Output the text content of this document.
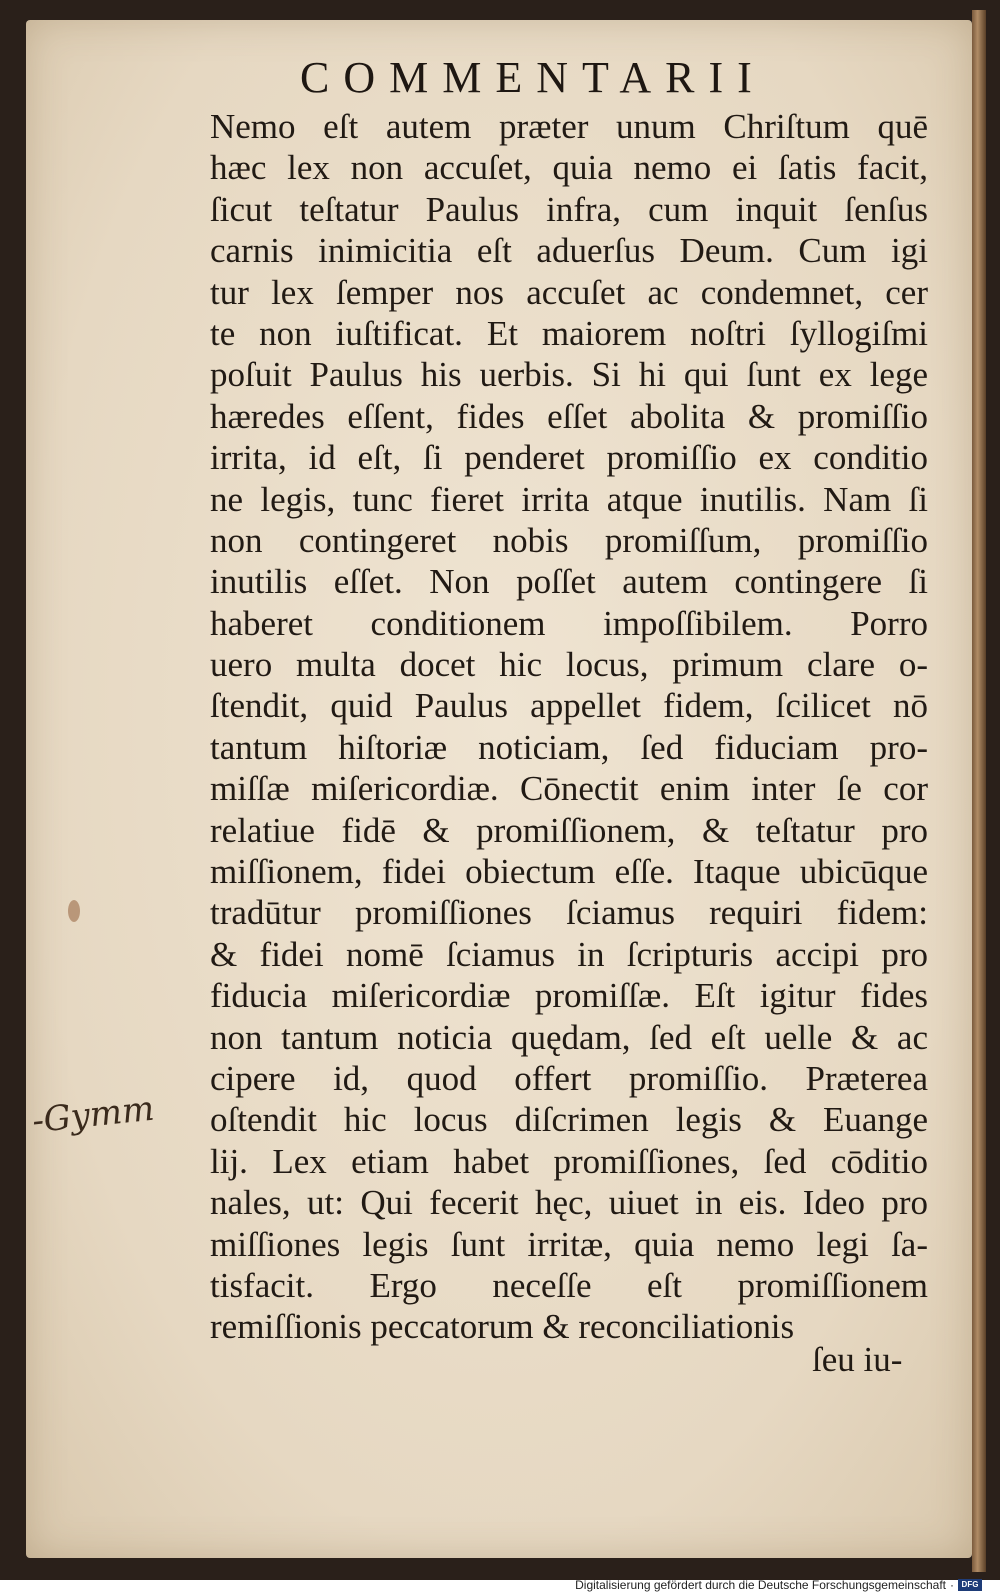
COMMENTARII
Nemo eſt autem præter unum Chriſtum quē
hæc lex non accuſet, quia nemo ei ſatis facit,
ſicut teſtatur Paulus infra, cum inquit ſenſus
carnis inimicitia eſt aduerſus Deum. Cum igi
tur lex ſemper nos accuſet ac condemnet, cer
te non iuſtificat. Et maiorem noſtri ſyllogiſmi
poſuit Paulus his uerbis. Si hi qui ſunt ex lege
hæredes eſſent, fides eſſet abolita & promiſſio
irrita, id eſt, ſi penderet promiſſio ex conditio
ne legis, tunc fieret irrita atque inutilis. Nam ſi
non contingeret nobis promiſſum, promiſſio
inutilis eſſet. Non poſſet autem contingere ſi
haberet conditionem impoſſibilem. Porro
uero multa docet hic locus, primum clare o-
ſtendit, quid Paulus appellet fidem, ſcilicet nō
tantum hiſtoriæ noticiam, ſed fiduciam pro-
miſſæ miſericordiæ. Cōnectit enim inter ſe cor
relatiue fidē & promiſſionem, & teſtatur pro
miſſionem, fidei obiectum eſſe. Itaque ubicūque
tradūtur promiſſiones ſciamus requiri fidem:
& fidei nomē ſciamus in ſcripturis accipi pro
fiducia miſericordiæ promiſſæ. Eſt igitur fides
non tantum noticia quędam, ſed eſt uelle & ac
cipere id, quod offert promiſſio. Præterea
oſtendit hic locus diſcrimen legis & Euange
lij. Lex etiam habet promiſſiones, ſed cōditio
nales, ut: Qui fecerit hęc, uiuet in eis. Ideo pro
miſſiones legis ſunt irritæ, quia nemo legi ſa-
tisfacit. Ergo neceſſe eſt promiſſionem
remiſſionis peccatorum & reconciliationis
ſeu iu-
-Gymm
Digitalisierung gefördert durch die Deutsche Forschungsgemeinschaft · DFG
